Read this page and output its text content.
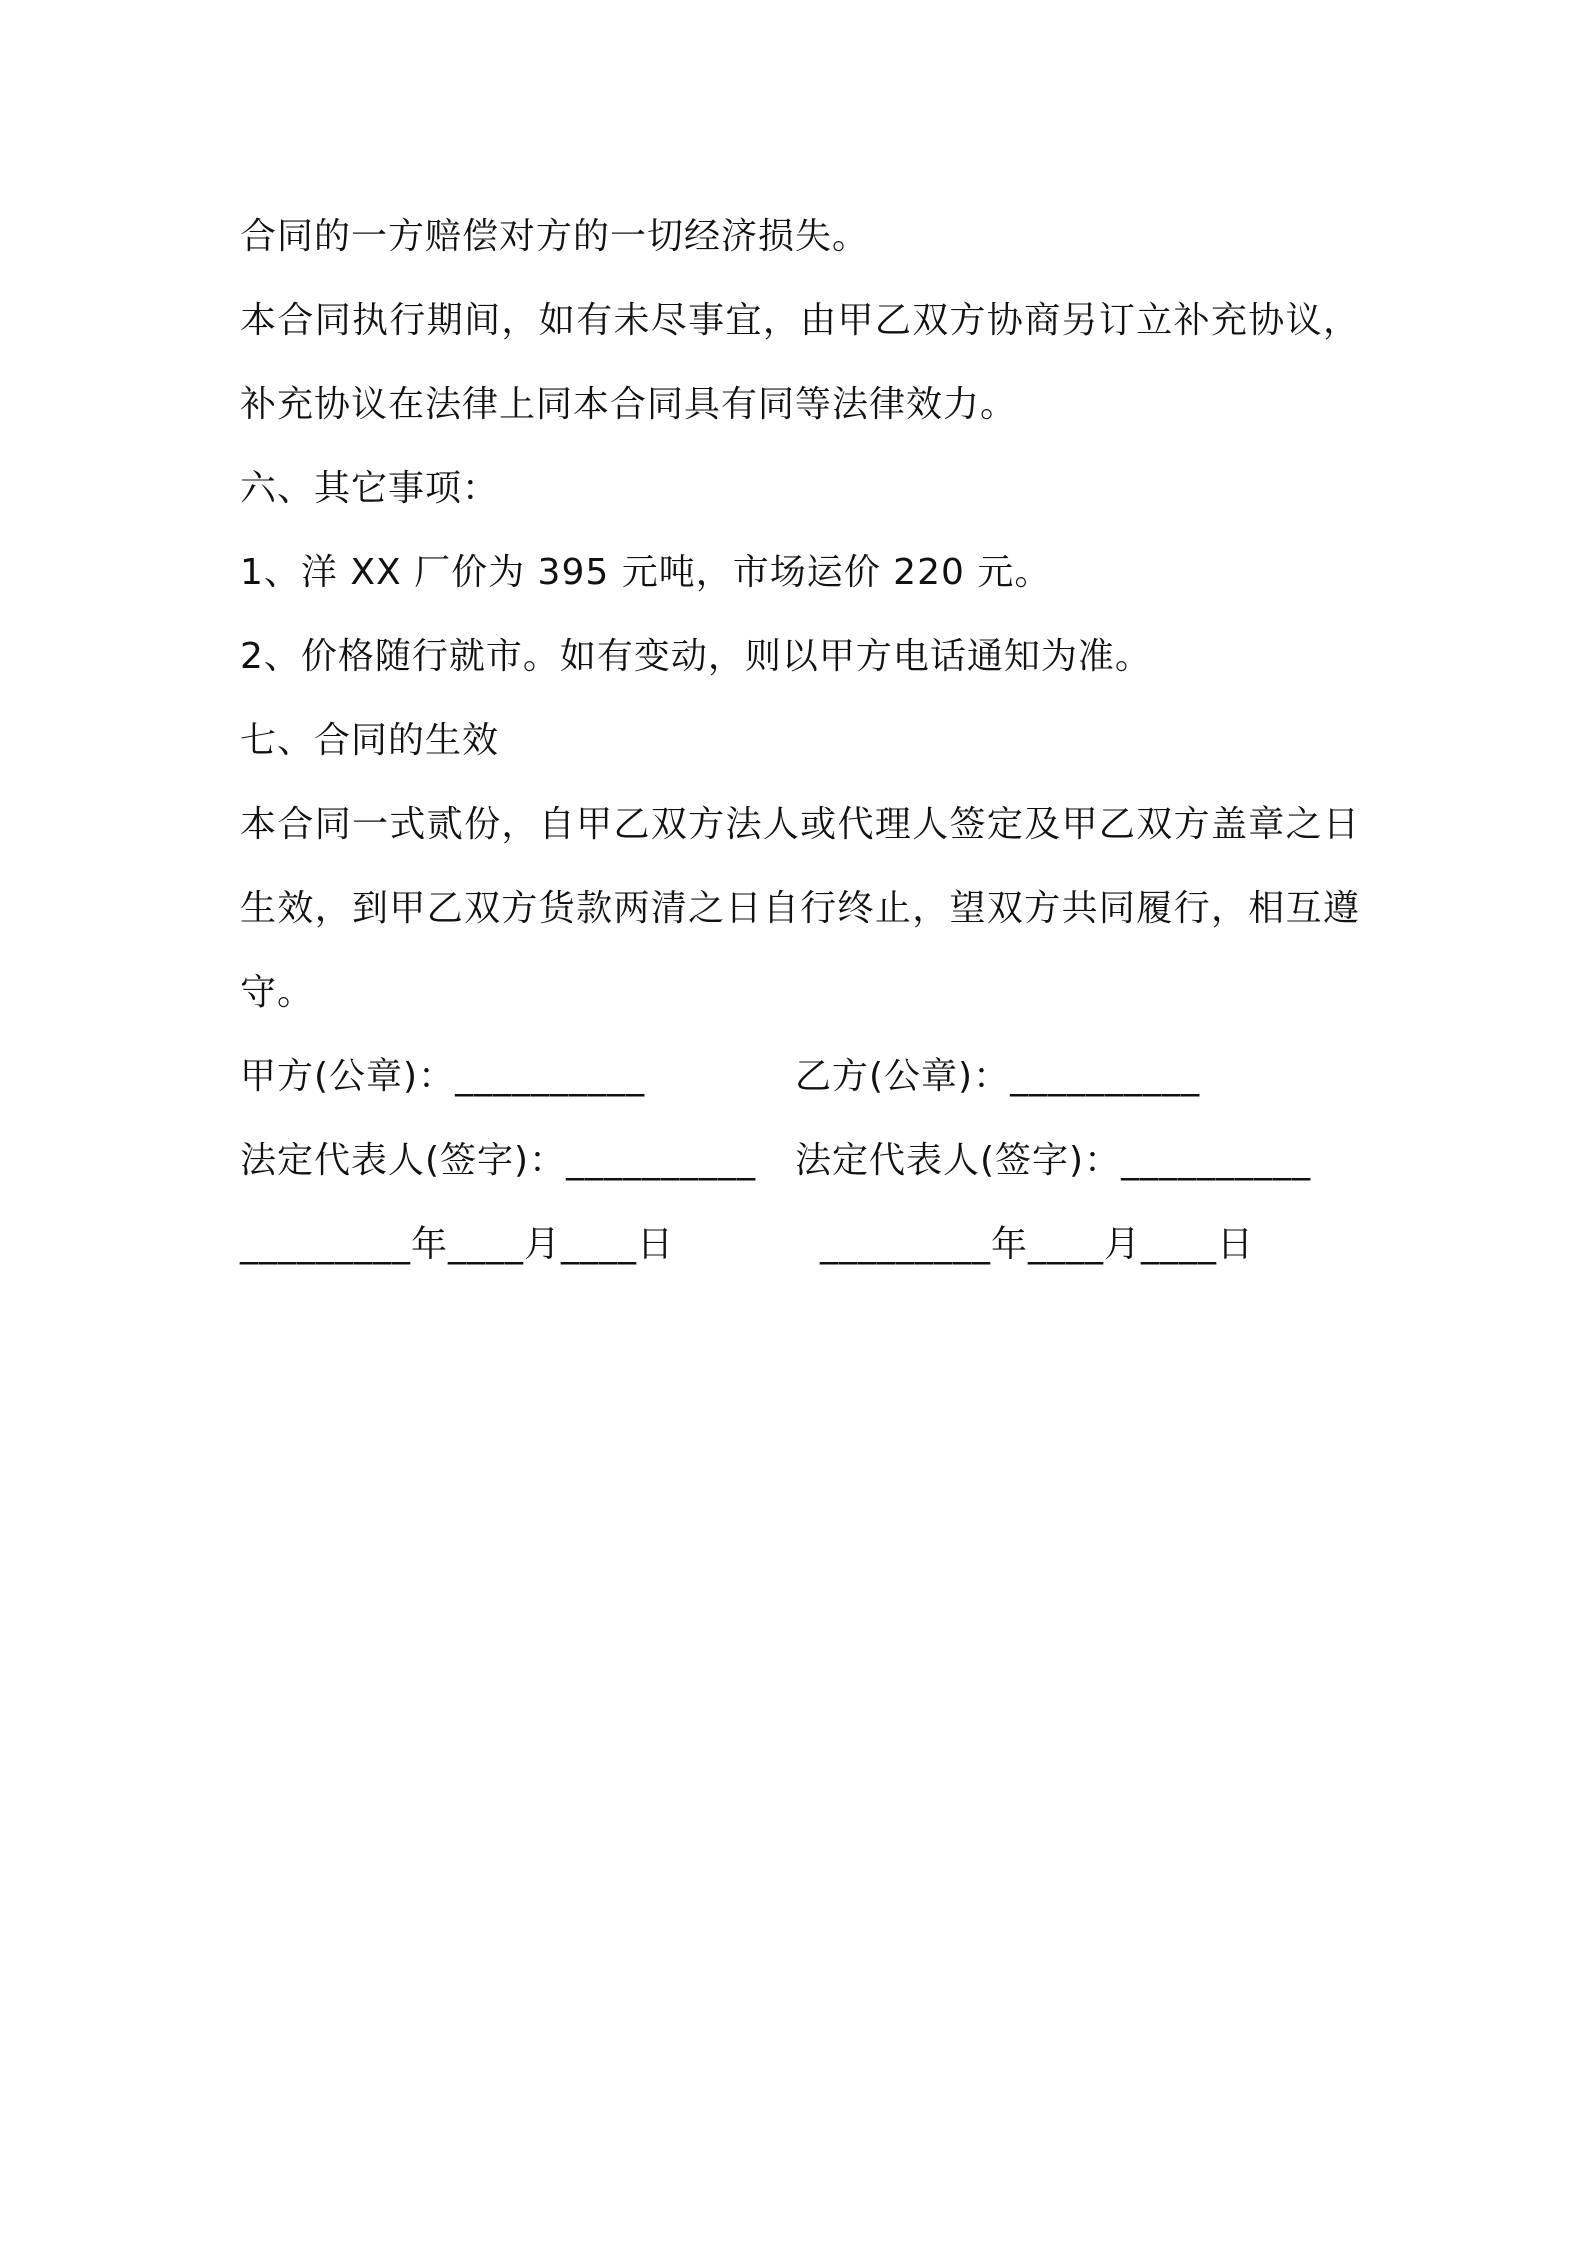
合同的一方赔偿对方的一切经济损失。

本合同执行期间，如有未尽事宜，由甲乙双方协商另订立补充协议，补充协议在法律上同本合同具有同等法律效力。

六、其它事项：

1、洋 XX 厂价为 395 元吨，市场运价 220 元。

2、价格随行就市。如有变动，则以甲方电话通知为准。

七、合同的生效

本合同一式贰份，自甲乙双方法人或代理人签定及甲乙双方盖章之日生效，到甲乙双方货款两清之日自行终止，望双方共同履行，相互遵守。

甲方(公章)：__________	乙方(公章)：__________
法定代表人(签字)：__________	法定代表人(签字)：__________
_________年____月____日	_________年____月____日
